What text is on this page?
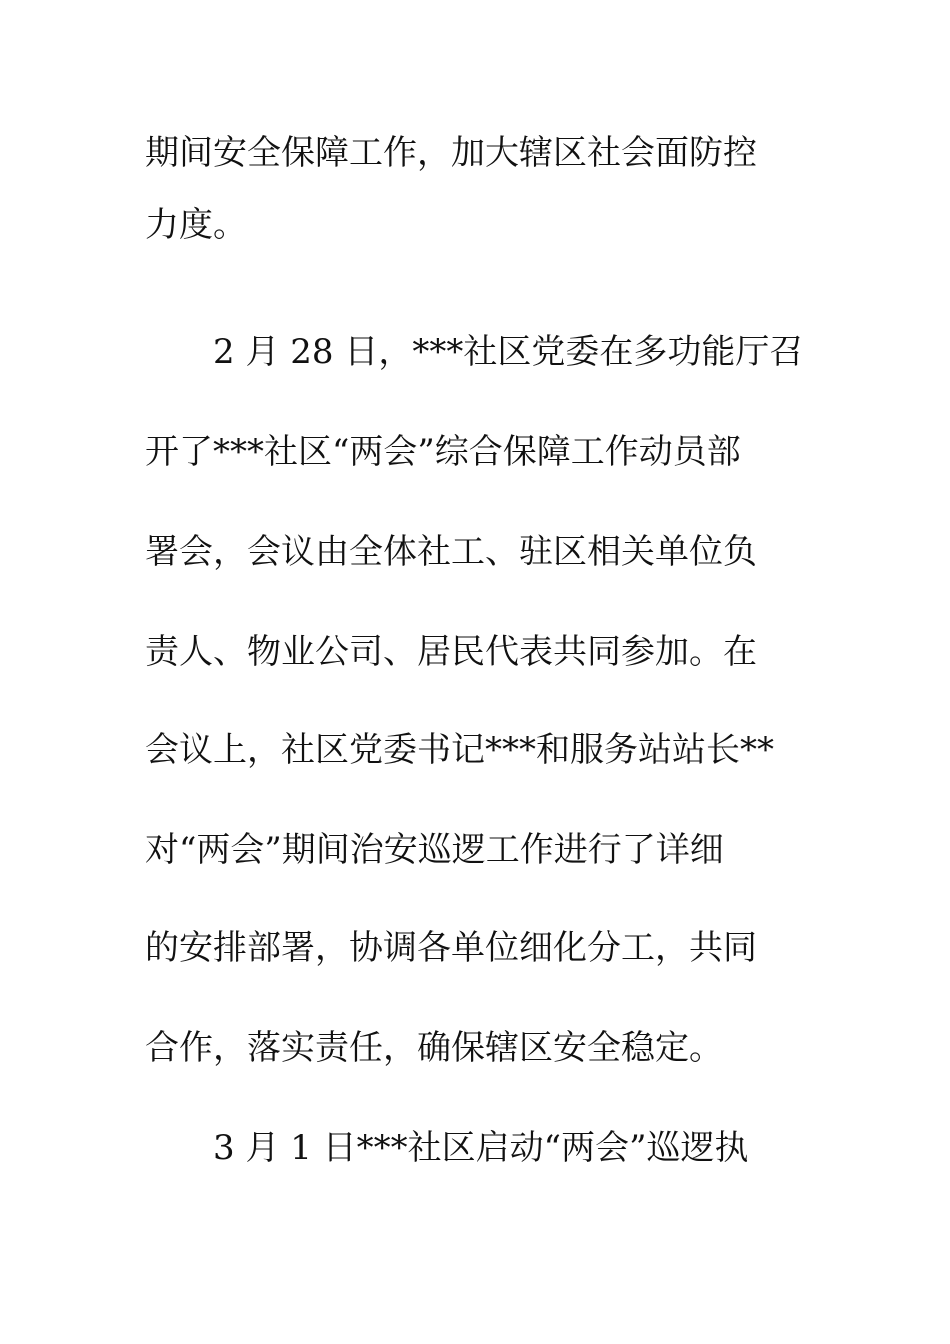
期间安全保障工作，加大辖区社会面防控
力度。
2 月 28 日，***社区党委在多功能厅召
开了***社区“两会”综合保障工作动员部
署会，会议由全体社工、驻区相关单位负
责人、物业公司、居民代表共同参加。在
会议上，社区党委书记***和服务站站长**
对“两会”期间治安巡逻工作进行了详细
的安排部署，协调各单位细化分工，共同
合作，落实责任，确保辖区安全稳定。
3 月 1 日***社区启动“两会”巡逻执
